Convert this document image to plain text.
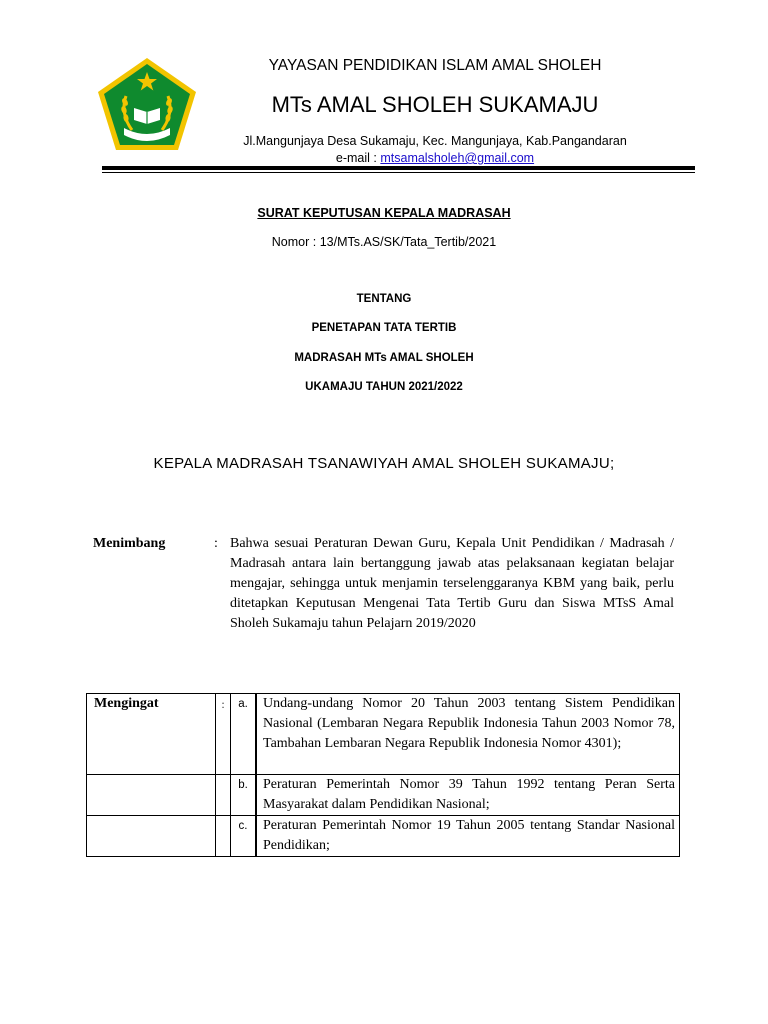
YAYASAN PENDIDIKAN ISLAM AMAL SHOLEH
MTs AMAL SHOLEH SUKAMAJU
Jl.Mangunjaya Desa Sukamaju, Kec. Mangunjaya, Kab.Pangandaran
e-mail : mtsamalsholeh@gmail.com
SURAT KEPUTUSAN KEPALA MADRASAH
Nomor : 13/MTs.AS/SK/Tata_Tertib/2021
TENTANG
PENETAPAN TATA TERTIB
MADRASAH MTs AMAL SHOLEH
UKAMAJU TAHUN 2021/2022
KEPALA MADRASAH TSANAWIYAH AMAL SHOLEH SUKAMAJU;
Menimbang	: Bahwa sesuai Peraturan Dewan Guru, Kepala Unit Pendidikan / Madrasah / Madrasah antara lain bertanggung jawab atas pelaksanaan kegiatan belajar mengajar, sehingga untuk menjamin terselenggaranya KBM yang baik, perlu ditetapkan Keputusan Mengenai Tata Tertib Guru dan Siswa MTsS Amal Sholeh Sukamaju tahun Pelajarn 2019/2020
Mengingat	:	a.	Undang-undang Nomor 20 Tahun 2003 tentang Sistem Pendidikan Nasional (Lembaran Negara Republik Indonesia Tahun 2003 Nomor 78, Tambahan Lembaran Negara Republik Indonesia Nomor 4301);
		b.	Peraturan Pemerintah Nomor 39 Tahun 1992 tentang Peran Serta Masyarakat dalam Pendidikan Nasional;
		c.	Peraturan Pemerintah Nomor 19 Tahun 2005 tentang Standar Nasional Pendidikan;
